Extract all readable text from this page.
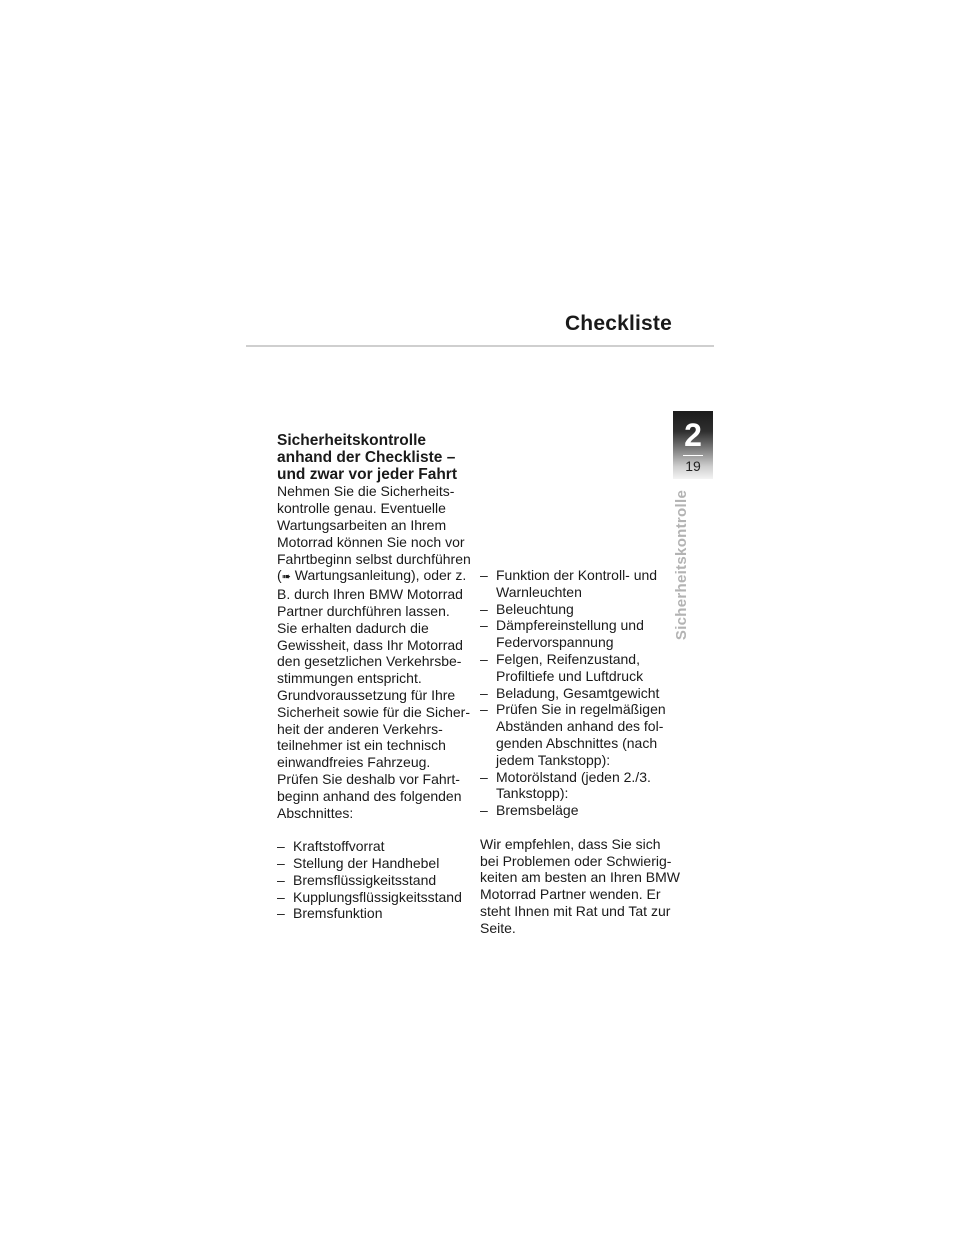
Checkliste
2
19
Sicherheitskontrolle
Sicherheitskontrolle anhand der Checkliste – und zwar vor jeder Fahrt

Nehmen Sie die Sicherheitskontrolle genau. Eventuelle Wartungsarbeiten an Ihrem Motorrad können Sie noch vor Fahrtbeginn selbst durchführen (➠ Wartungsanleitung), oder z. B. durch Ihren BMW Motorrad Partner durchführen lassen.

Sie erhalten dadurch die Gewissheit, dass Ihr Motorrad den gesetzlichen Verkehrsbestimmungen entspricht.

Grundvoraussetzung für Ihre Sicherheit sowie für die Sicherheit der anderen Verkehrsteilnehmer ist ein technisch einwandfreies Fahrzeug.

Prüfen Sie deshalb vor Fahrtbeginn anhand des folgenden Abschnittes:

– Kraftstoffvorrat
– Stellung der Handhebel
– Bremsflüssigkeitsstand
– Kupplungsflüssigkeitsstand
– Bremsfunktion
– Funktion der Kontroll- und Warnleuchten
– Beleuchtung
– Dämpfereinstellung und Federvorspannung
– Felgen, Reifenzustand, Profiltiefe und Luftdruck
– Beladung, Gesamtgewicht
– Prüfen Sie in regelmäßigen Abständen anhand des folgenden Abschnittes (nach jedem Tankstopp):
– Motorölstand (jeden 2./3. Tankstopp):
– Bremsbeläge

Wir empfehlen, dass Sie sich bei Problemen oder Schwierigkeiten am besten an Ihren BMW Motorrad Partner wenden. Er steht Ihnen mit Rat und Tat zur Seite.
